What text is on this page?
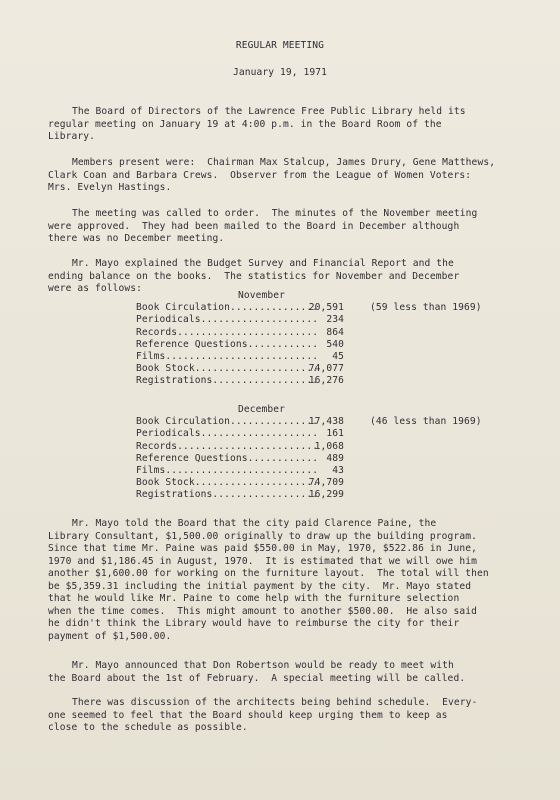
REGULAR MEETING
January 19, 1971
The Board of Directors of the Lawrence Free Public Library held its
regular meeting on January 19 at 4:00 p.m. in the Board Room of the
Library.
Members present were:  Chairman Max Stalcup, James Drury, Gene Matthews,
Clark Coan and Barbara Crews.  Observer from the League of Women Voters:
Mrs. Evelyn Hastings.
The meeting was called to order.  The minutes of the November meeting
were approved.  They had been mailed to the Board in December although
there was no December meeting.
Mr. Mayo explained the Budget Survey and Financial Report and the
ending balance on the books.  The statistics for November and December
were as follows:
November
Book Circulation...............
20,591	(59 less than 1969)
Periodicals.................... 234
Records........................ 864
Reference Questions............ 540
Films.......................... 45
Book Stock.....................
74,077
Registrations..................
16,276
December
Book Circulation...............
17,438	(46 less than 1969)
Periodicals.................... 161
Records........................
1,068
Reference Questions............ 489
Films.......................... 43
Book Stock.....................
74,709
Registrations..................
16,299
Mr. Mayo told the Board that the city paid Clarence Paine, the
Library Consultant, $1,500.00 originally to draw up the building program.
Since that time Mr. Paine was paid $550.00 in May, 1970, $522.86 in June,
1970 and $1,186.45 in August, 1970.  It is estimated that we will owe him
another $1,600.00 for working on the furniture layout.  The total will then
be $5,359.31 including the initial payment by the city.  Mr. Mayo stated
that he would like Mr. Paine to come help with the furniture selection
when the time comes.  This might amount to another $500.00.  He also said
he didn't think the Library would have to reimburse the city for their
payment of $1,500.00.
Mr. Mayo announced that Don Robertson would be ready to meet with
the Board about the 1st of February.  A special meeting will be called.
There was discussion of the architects being behind schedule.  Every-
one seemed to feel that the Board should keep urging them to keep as
close to the schedule as possible.
